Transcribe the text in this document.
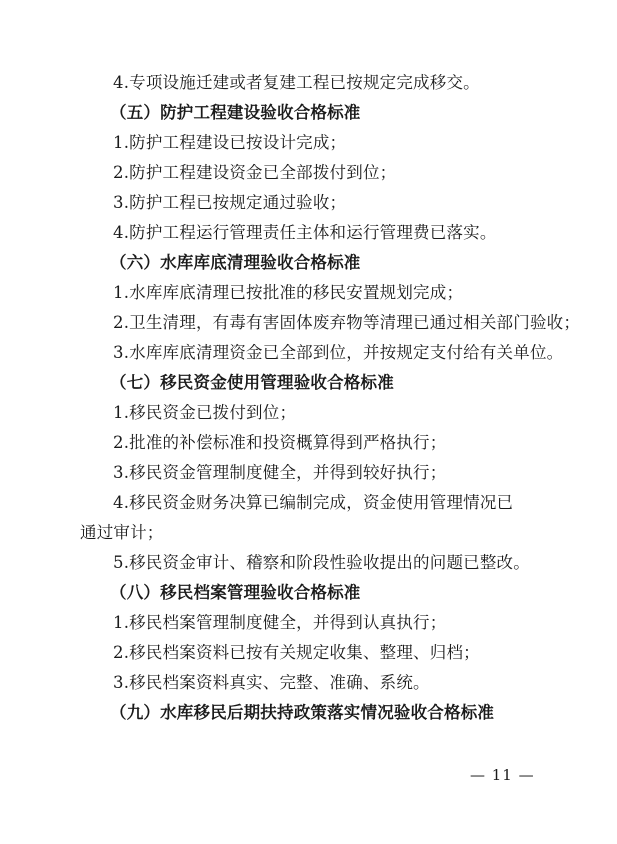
4.专项设施迁建或者复建工程已按规定完成移交。
（五）防护工程建设验收合格标准
1.防护工程建设已按设计完成；
2.防护工程建设资金已全部拨付到位；
3.防护工程已按规定通过验收；
4.防护工程运行管理责任主体和运行管理费已落实。
（六）水库库底清理验收合格标准
1.水库库底清理已按批准的移民安置规划完成；
2.卫生清理，有毒有害固体废弃物等清理已通过相关部门验收；
3.水库库底清理资金已全部到位，并按规定支付给有关单位。
（七）移民资金使用管理验收合格标准
1.移民资金已拨付到位；
2.批准的补偿标准和投资概算得到严格执行；
3.移民资金管理制度健全，并得到较好执行；
4.移民资金财务决算已编制完成，资金使用管理情况已
通过审计；
5.移民资金审计、稽察和阶段性验收提出的问题已整改。
（八）移民档案管理验收合格标准
1.移民档案管理制度健全，并得到认真执行；
2.移民档案资料已按有关规定收集、整理、归档；
3.移民档案资料真实、完整、准确、系统。
（九）水库移民后期扶持政策落实情况验收合格标准
— 11 —
